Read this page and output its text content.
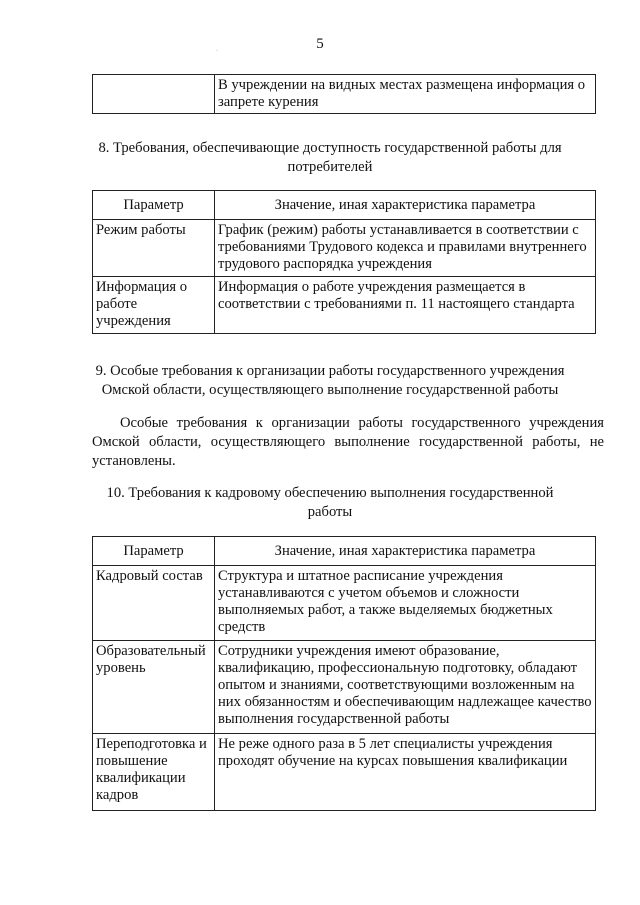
5
·
	В учреждении на видных местах размещена информация о запрете курения
8. Требования, обеспечивающие доступность государственной работы для
потребителей
Параметр	Значение, иная характеристика параметра
Режим работы	График (режим) работы устанавливается в соответствии с требованиями Трудового кодекса и правилами внутреннего трудового распорядка учреждения
Информация о работе учреждения	Информация о работе учреждения размещается в соответствии с требованиями п. 11 настоящего стандарта
9. Особые требования к организации работы государственного учреждения
Омской области, осуществляющего выполнение государственной работы
Особые требования к организации работы государственного учреждения Омской области, осуществляющего выполнение государственной работы, не установлены.
10. Требования к кадровому обеспечению выполнения государственной
работы
Параметр	Значение, иная характеристика параметра
Кадровый состав	Структура и штатное расписание учреждения устанавливаются с учетом объемов и сложности выполняемых работ, а также выделяемых бюджетных средств
Образовательный уровень	Сотрудники учреждения имеют образование, квалификацию, профессиональную подготовку, обладают опытом и знаниями, соответствующими возложенным на них обязанностям и обеспечивающим надлежащее качество выполнения государственной работы
Переподготовка и повышение квалификации кадров	Не реже одного раза в 5 лет специалисты учреждения проходят обучение на курсах повышения квалификации
